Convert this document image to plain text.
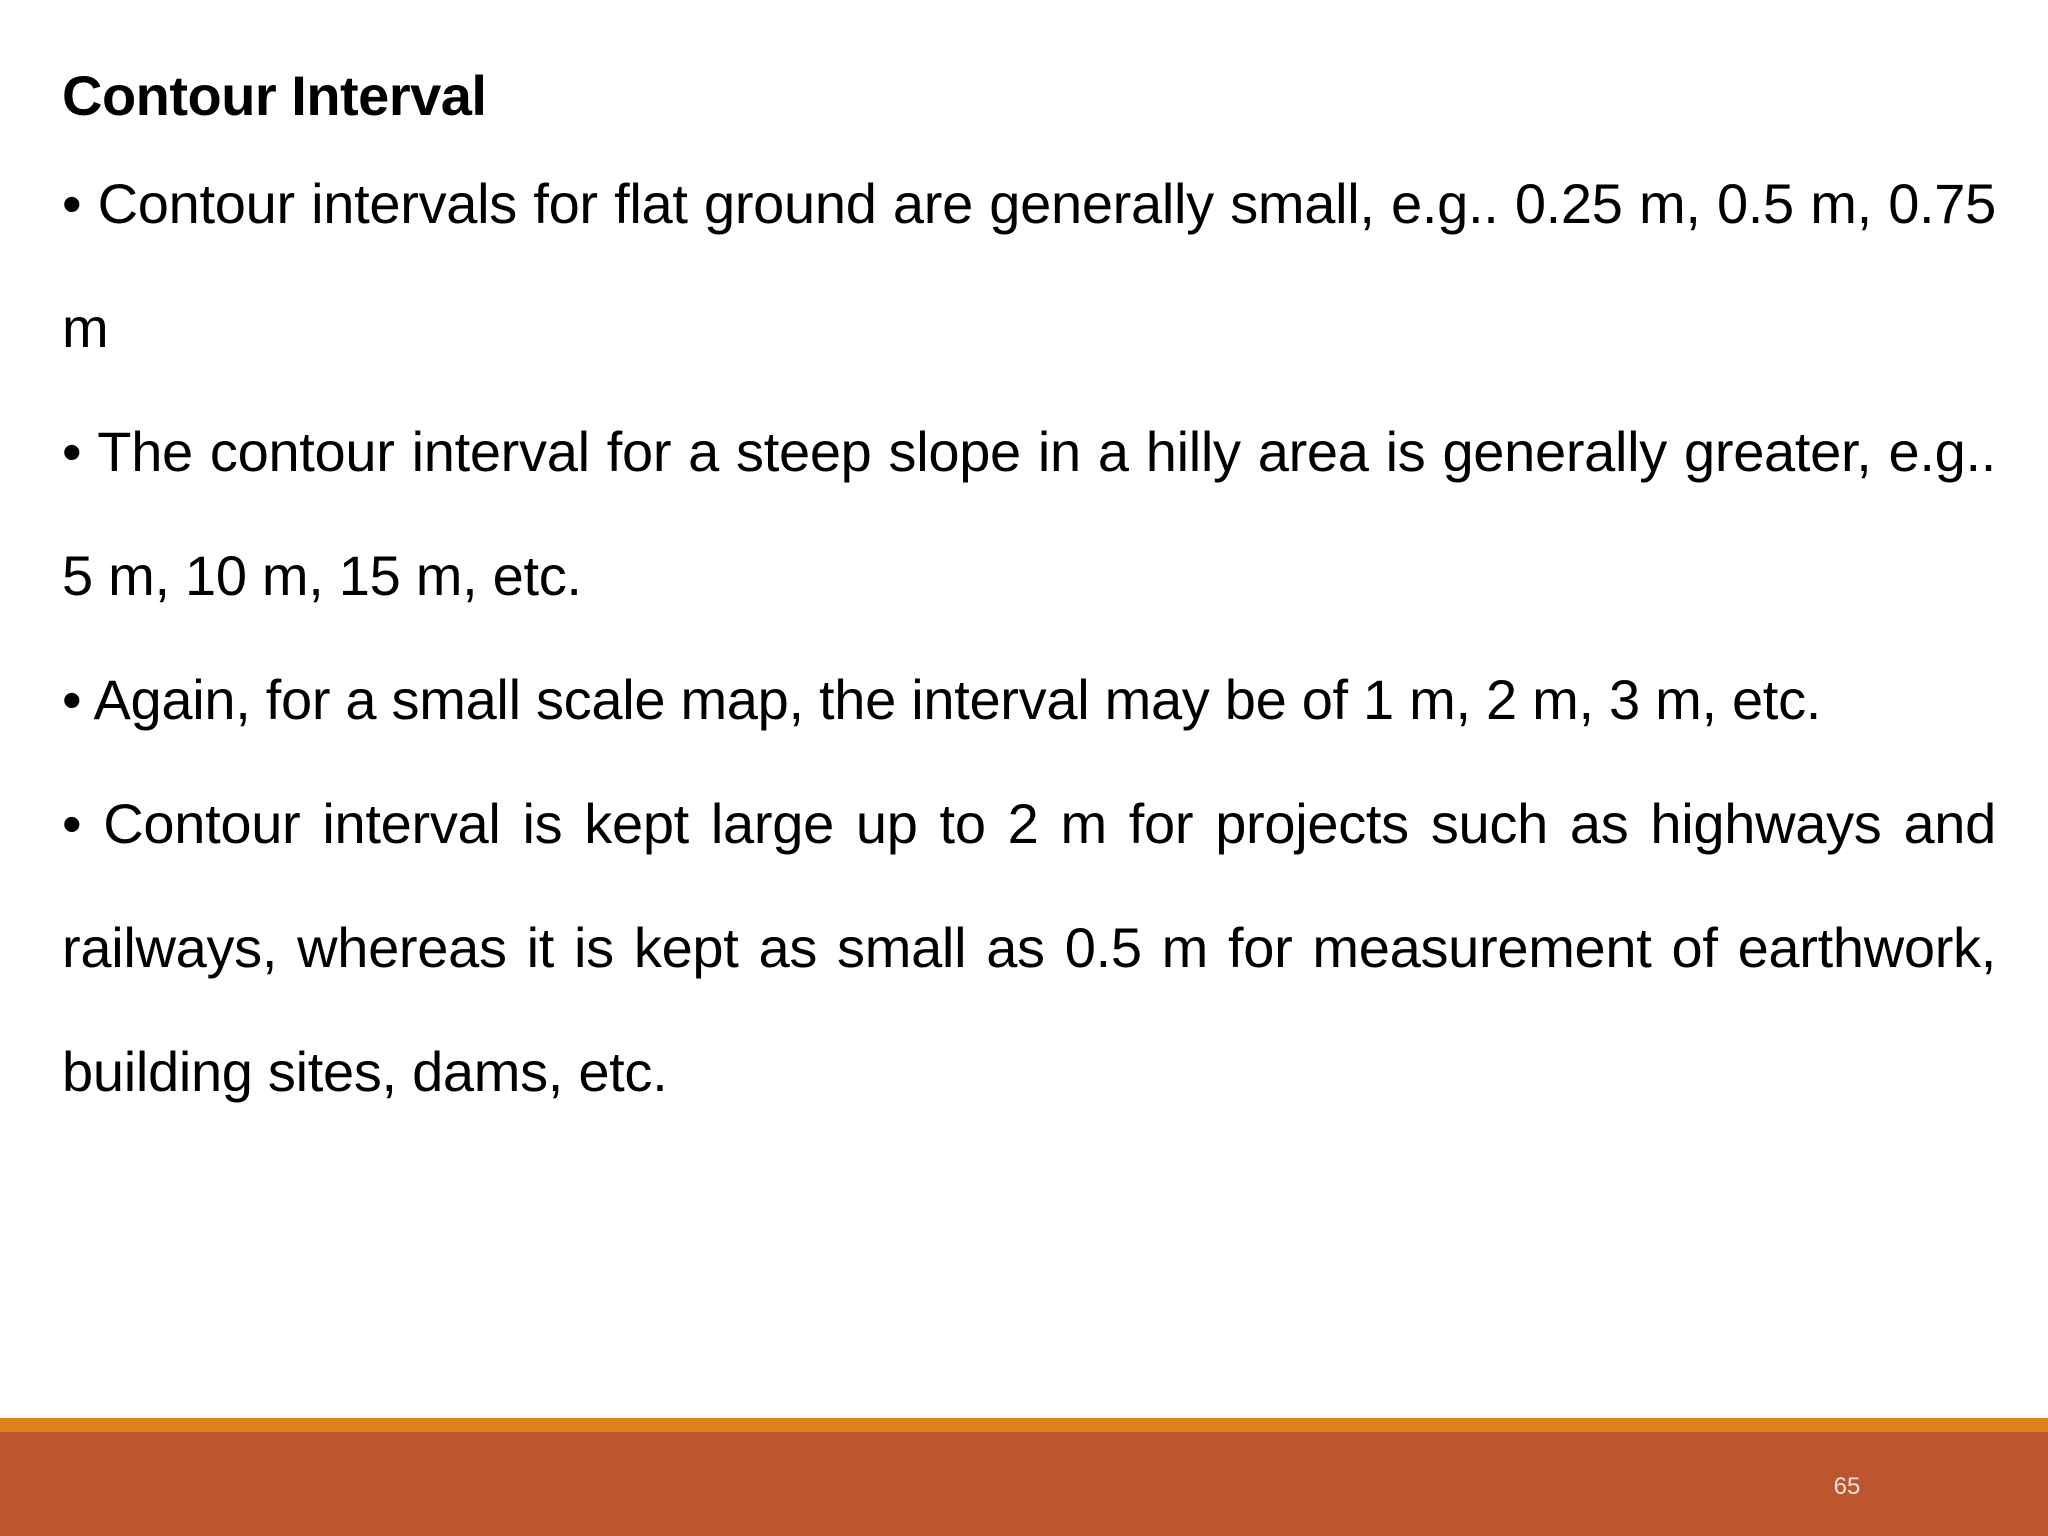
Contour Interval

• Contour intervals for flat ground are generally small, e.g.. 0.25 m, 0.5 m, 0.75 m

• The contour interval for a steep slope in a hilly area is generally greater, e.g.. 5 m, 10 m, 15 m, etc.

• Again, for a small scale map, the interval may be of 1 m, 2 m, 3 m, etc.

• Contour interval is kept large up to 2 m for projects such as highways and railways, whereas it is kept as small as 0.5 m for measurement of earthwork, building sites, dams, etc.

65
